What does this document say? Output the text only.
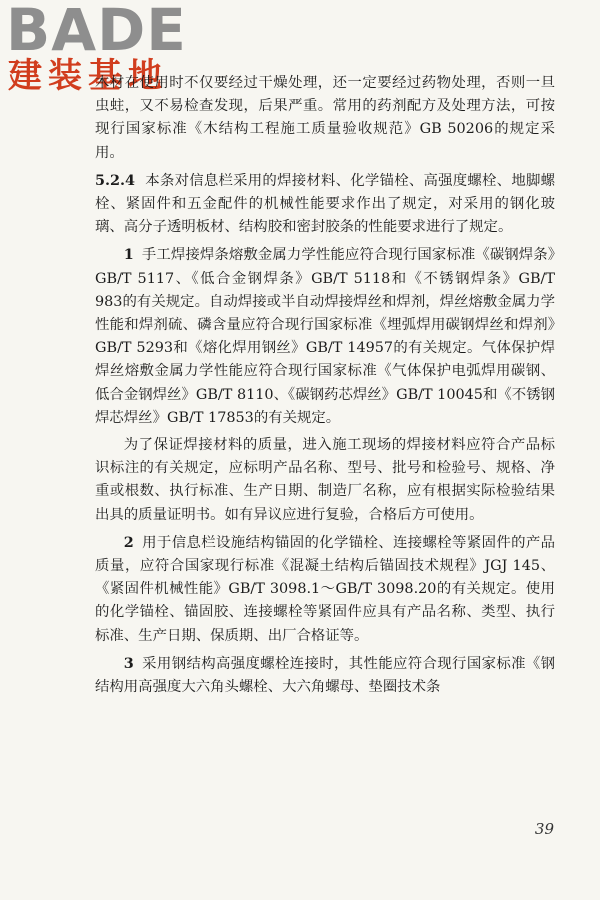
BADE
建装基地

木材在使用时不仅要经过干燥处理，还一定要经过药物处理，否则一旦虫蛀，又不易检查发现，后果严重。常用的药剂配方及处理方法，可按现行国家标准《木结构工程施工质量验收规范》GB 50206的规定采用。

5.2.4 本条对信息栏采用的焊接材料、化学锚栓、高强度螺栓、地脚螺栓、紧固件和五金配件的机械性能要求作出了规定，对采用的钢化玻璃、高分子透明板材、结构胶和密封胶条的性能要求进行了规定。

1 手工焊接焊条熔敷金属力学性能应符合现行国家标准《碳钢焊条》GB/T 5117、《低合金钢焊条》GB/T 5118和《不锈钢焊条》GB/T 983的有关规定。自动焊接或半自动焊接焊丝和焊剂，焊丝熔敷金属力学性能和焊剂硫、磷含量应符合现行国家标准《埋弧焊用碳钢焊丝和焊剂》GB/T 5293和《熔化焊用钢丝》GB/T 14957的有关规定。气体保护焊焊丝熔敷金属力学性能应符合现行国家标准《气体保护电弧焊用碳钢、低合金钢焊丝》GB/T 8110、《碳钢药芯焊丝》GB/T 10045和《不锈钢焊芯焊丝》GB/T 17853的有关规定。

为了保证焊接材料的质量，进入施工现场的焊接材料应符合产品标识标注的有关规定，应标明产品名称、型号、批号和检验号、规格、净重或根数、执行标准、生产日期、制造厂名称，应有根据实际检验结果出具的质量证明书。如有异议应进行复验，合格后方可使用。

2 用于信息栏设施结构锚固的化学锚栓、连接螺栓等紧固件的产品质量，应符合国家现行标准《混凝土结构后锚固技术规程》JGJ 145、《紧固件机械性能》GB/T 3098.1～GB/T 3098.20的有关规定。使用的化学锚栓、锚固胶、连接螺栓等紧固件应具有产品名称、类型、执行标准、生产日期、保质期、出厂合格证等。

3 采用钢结构高强度螺栓连接时，其性能应符合现行国家标准《钢结构用高强度大六角头螺栓、大六角螺母、垫圈技术条

39
